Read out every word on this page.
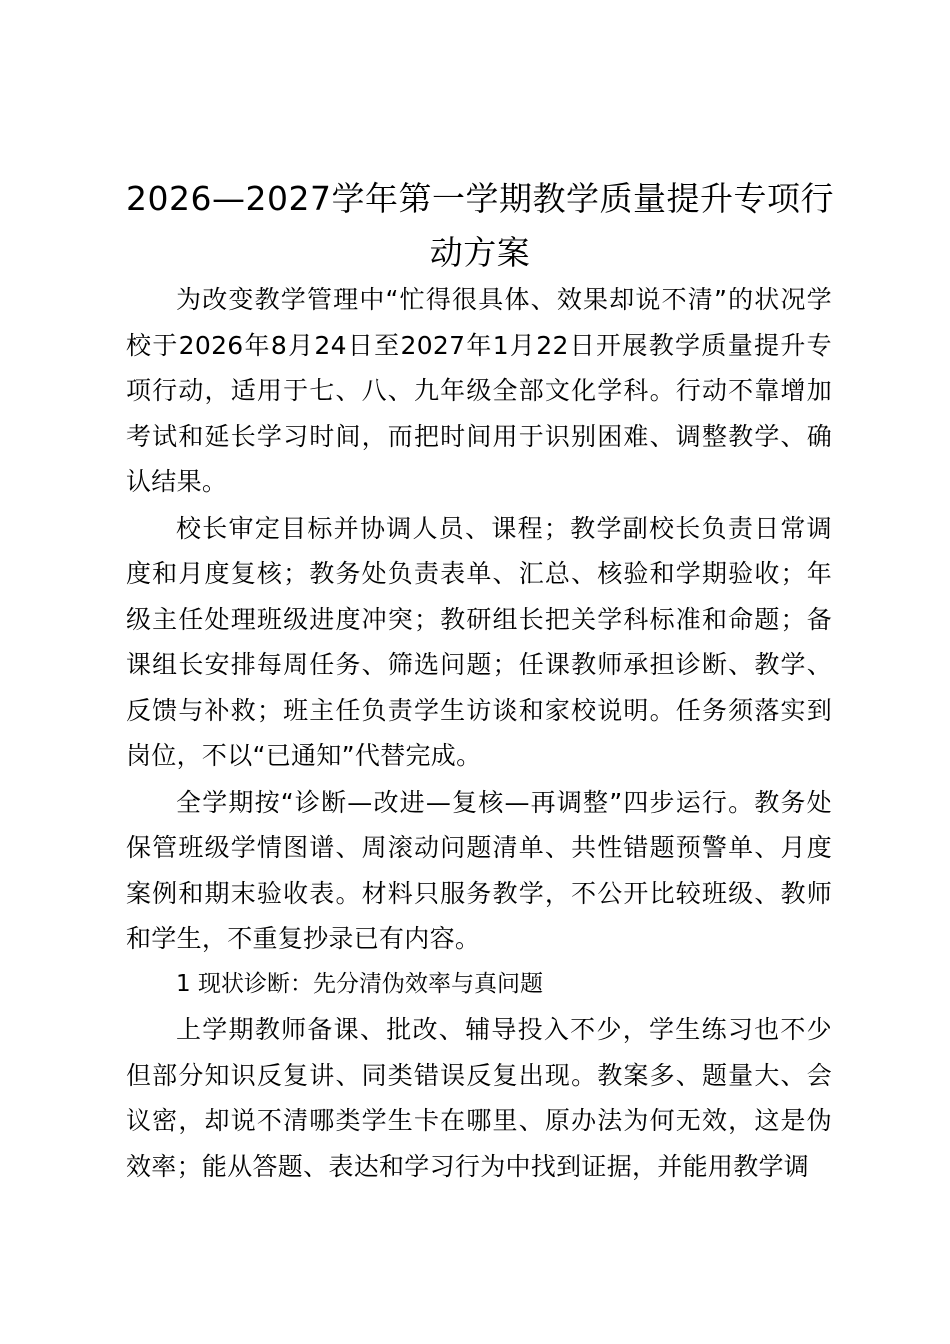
2026—2027学年第一学期教学质量提升专项行动方案

为改变教学管理中“忙得很具体、效果却说不清”的状况学校于2026年8月24日至2027年1月22日开展教学质量提升专项行动，适用于七、八、九年级全部文化学科。行动不靠增加考试和延长学习时间，而把时间用于识别困难、调整教学、确认结果。

校长审定目标并协调人员、课程；教学副校长负责日常调度和月度复核；教务处负责表单、汇总、核验和学期验收；年级主任处理班级进度冲突；教研组长把关学科标准和命题；备课组长安排每周任务、筛选问题；任课教师承担诊断、教学、反馈与补救；班主任负责学生访谈和家校说明。任务须落实到岗位，不以“已通知”代替完成。

全学期按“诊断—改进—复核—再调整”四步运行。教务处保管班级学情图谱、周滚动问题清单、共性错题预警单、月度案例和期末验收表。材料只服务教学，不公开比较班级、教师和学生，不重复抄录已有内容。

1 现状诊断：先分清伪效率与真问题

上学期教师备课、批改、辅导投入不少，学生练习也不少但部分知识反复讲、同类错误反复出现。教案多、题量大、会议密，却说不清哪类学生卡在哪里、原办法为何无效，这是伪效率；能从答题、表达和学习行为中找到证据，并能用教学调
